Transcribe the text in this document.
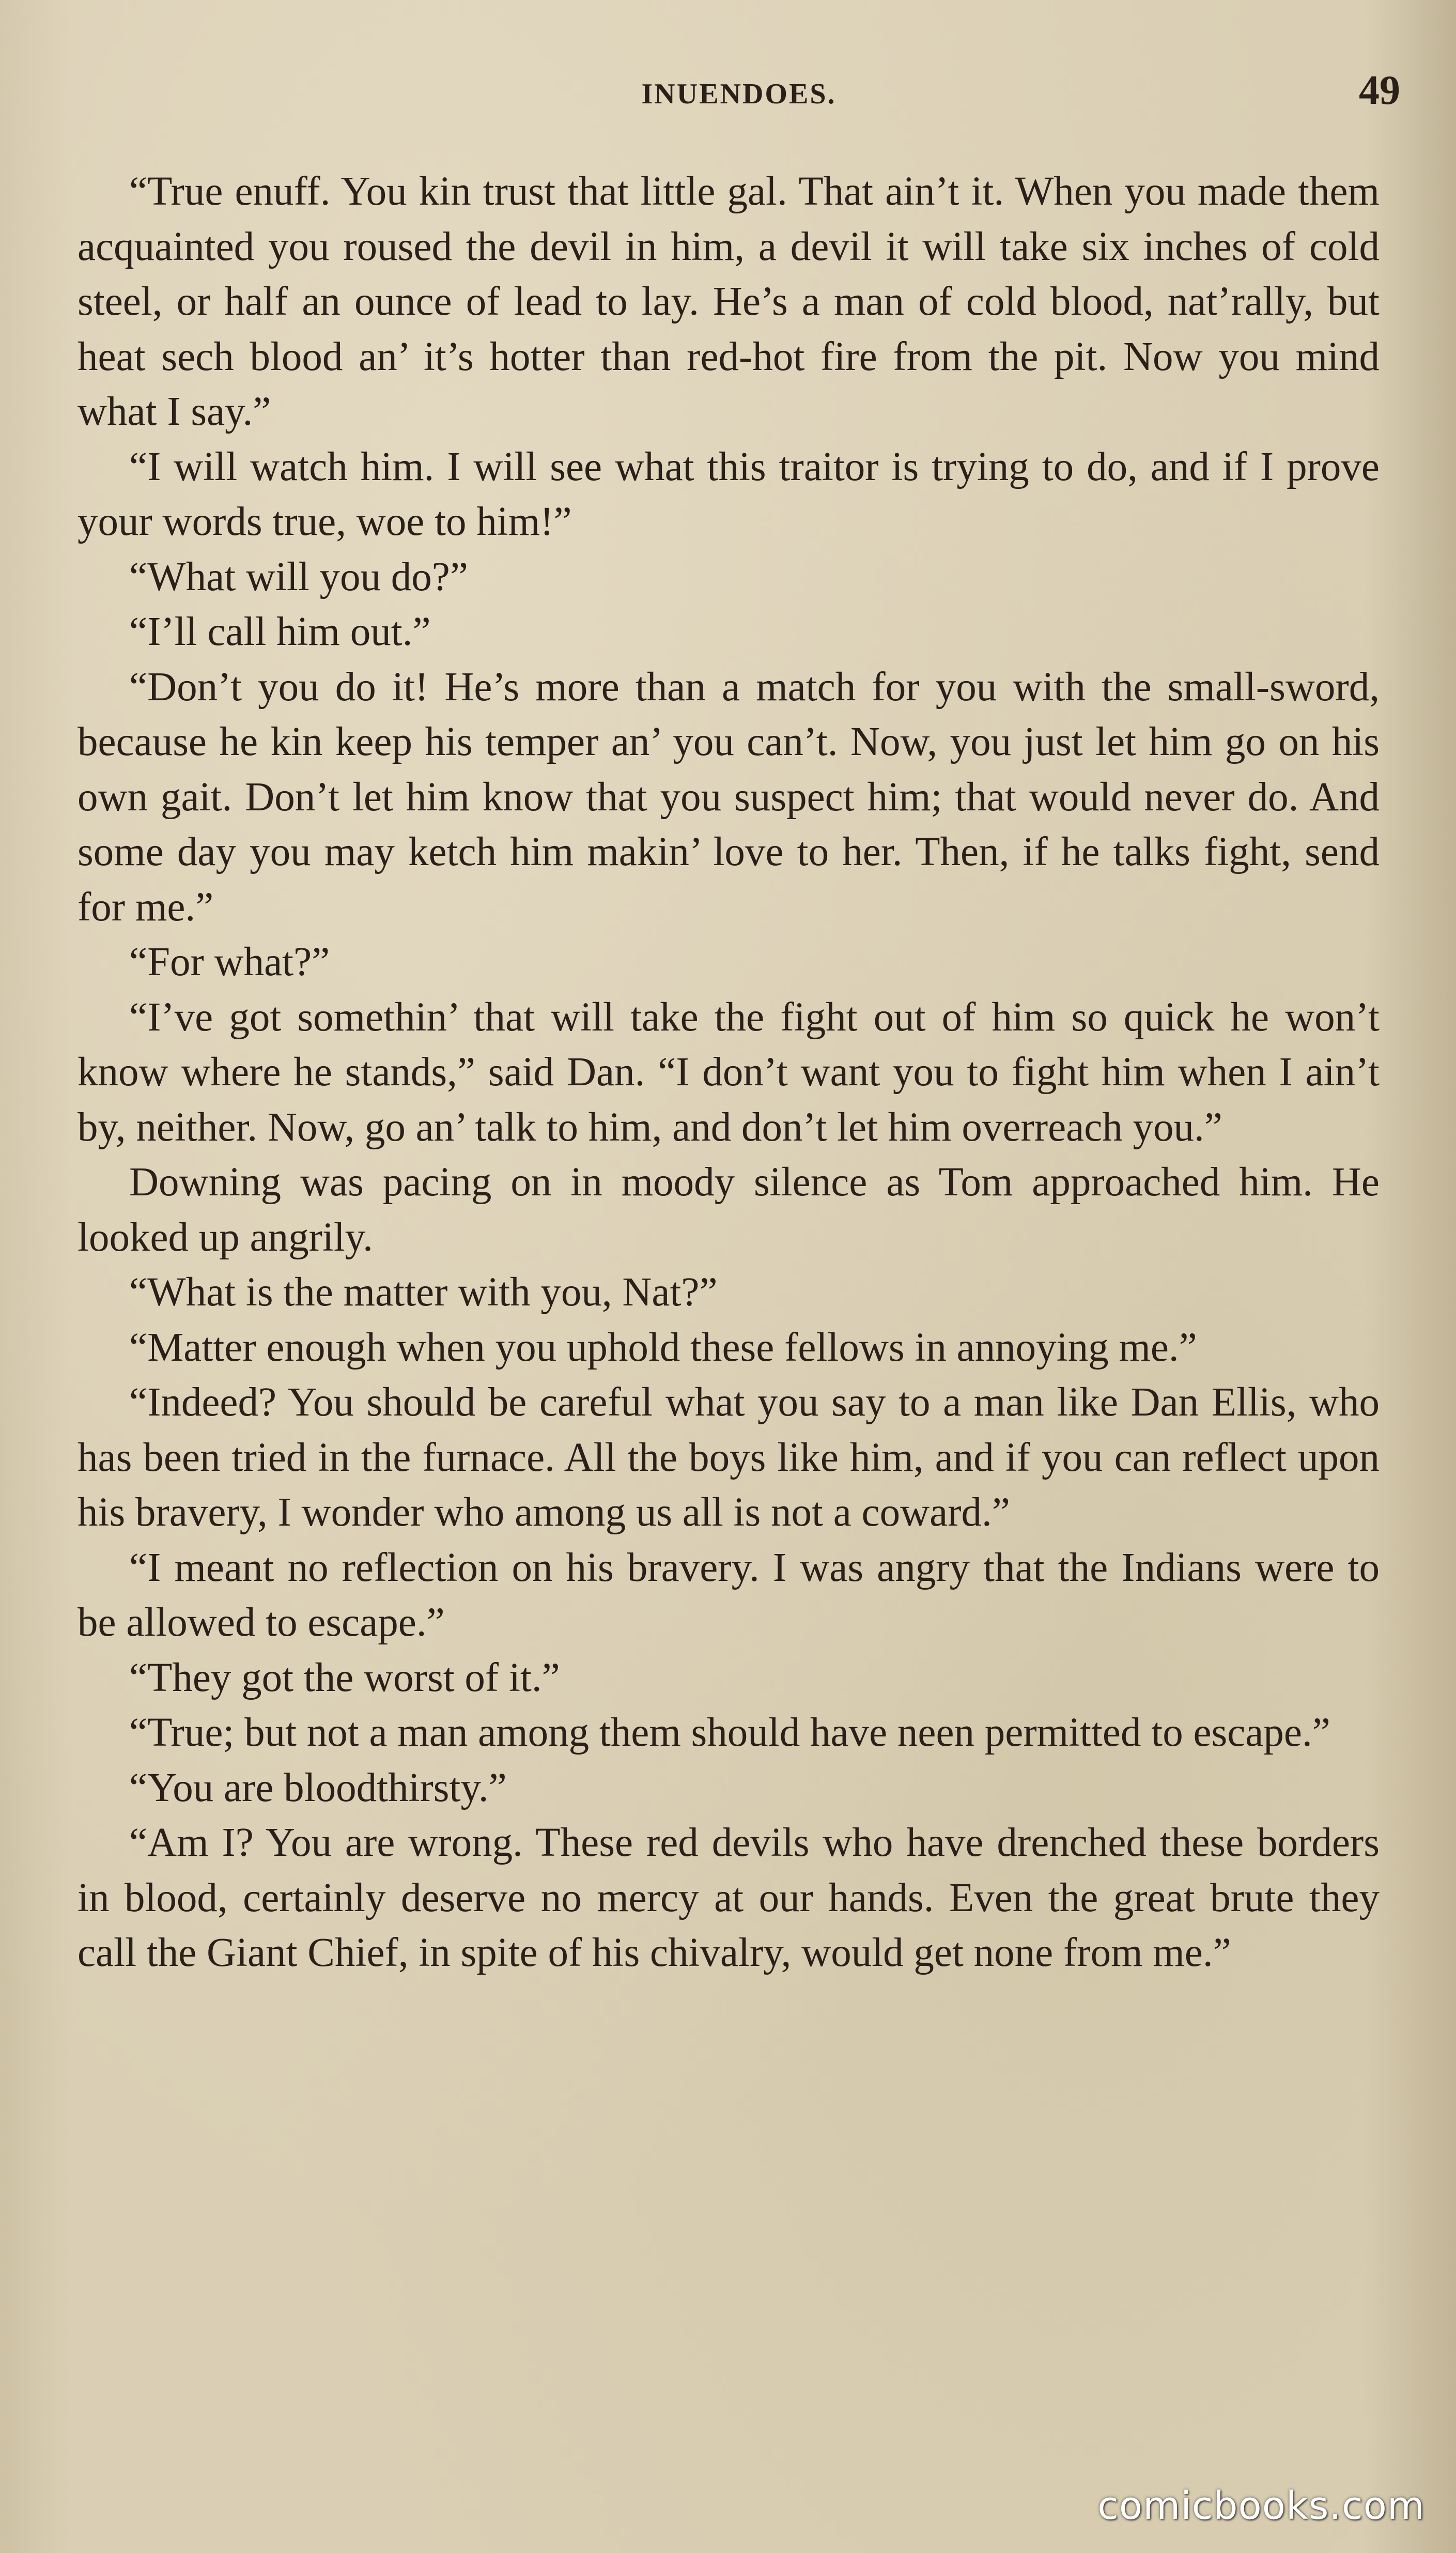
INUENDOES.	49

“True enuff. You kin trust that little gal. That ain’t it. When you made them acquainted you roused the devil in him, a devil it will take six inches of cold steel, or half an ounce of lead to lay. He’s a man of cold blood, nat’rally, but heat sech blood an’ it’s hotter than red-hot fire from the pit. Now you mind what I say.”

“I will watch him. I will see what this traitor is trying to do, and if I prove your words true, woe to him!”

“What will you do?”

“I’ll call him out.”

“Don’t you do it! He’s more than a match for you with the small-sword, because he kin keep his temper an’ you can’t. Now, you just let him go on his own gait. Don’t let him know that you suspect him; that would never do. And some day you may ketch him makin’ love to her. Then, if he talks fight, send for me.”

“For what?”

“I’ve got somethin’ that will take the fight out of him so quick he won’t know where he stands,” said Dan. “I don’t want you to fight him when I ain’t by, neither. Now, go an’ talk to him, and don’t let him overreach you.”

Downing was pacing on in moody silence as Tom approached him. He looked up angrily.

“What is the matter with you, Nat?”

“Matter enough when you uphold these fellows in annoying me.”

“Indeed? You should be careful what you say to a man like Dan Ellis, who has been tried in the furnace. All the boys like him, and if you can reflect upon his bravery, I wonder who among us all is not a coward.”

“I meant no reflection on his bravery. I was angry that the Indians were to be allowed to escape.”

“They got the worst of it.”

“True; but not a man among them should have neen permitted to escape.”

“You are bloodthirsty.”

“Am I? You are wrong. These red devils who have drenched these borders in blood, certainly deserve no mercy at our hands. Even the great brute they call the Giant Chief, in spite of his chivalry, would get none from me.”

comicbooks.com
